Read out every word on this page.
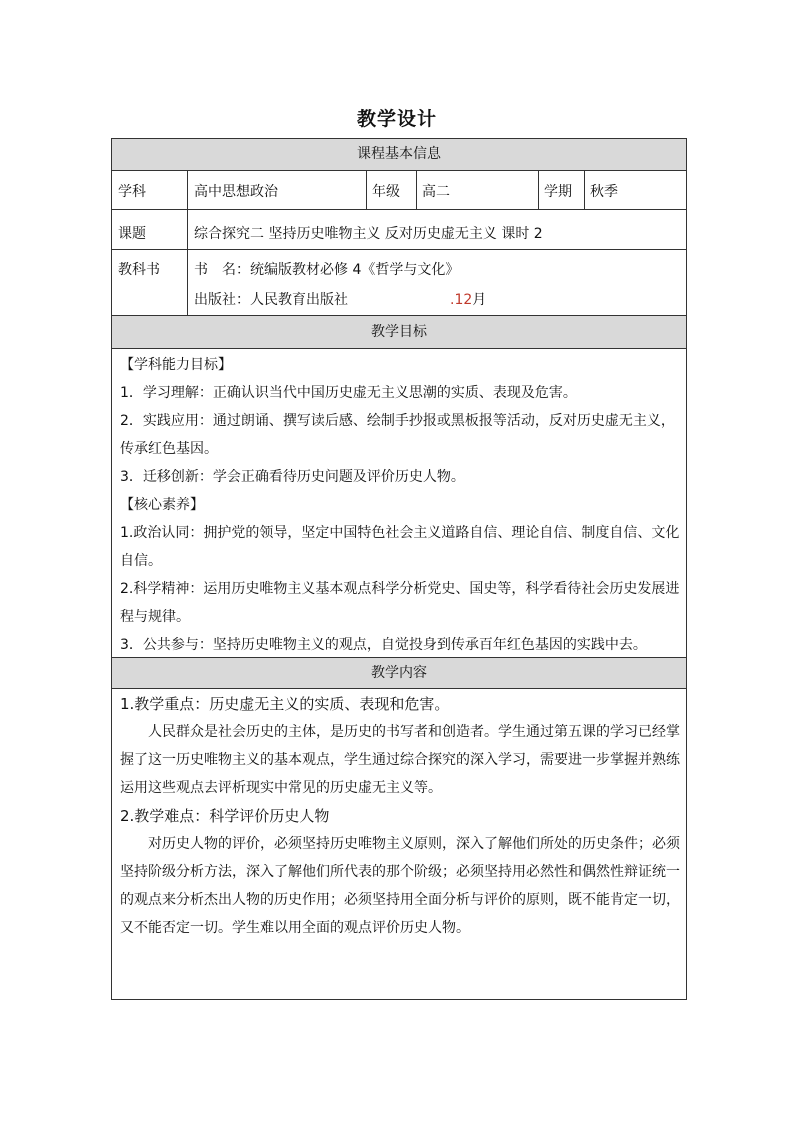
教学设计
课程基本信息
学科	高中思想政治	年级 高二	学期 秋季
课题	综合探究二 坚持历史唯物主义 反对历史虚无主义 课时 2
教科书 书　名：统编版教材必修 4《哲学与文化》
出版社：人民教育出版社	.12月
教学目标
【学科能力目标】
1．学习理解：正确认识当代中国历史虚无主义思潮的实质、表现及危害。
2．实践应用：通过朗诵、撰写读后感、绘制手抄报或黑板报等活动，反对历史虚无主义，传承红色基因。
3．迁移创新：学会正确看待历史问题及评价历史人物。
【核心素养】
1.政治认同：拥护党的领导，坚定中国特色社会主义道路自信、理论自信、制度自信、文化自信。
2.科学精神：运用历史唯物主义基本观点科学分析党史、国史等，科学看待社会历史发展进程与规律。
3．公共参与：坚持历史唯物主义的观点，自觉投身到传承百年红色基因的实践中去。
教学内容
1.教学重点：历史虚无主义的实质、表现和危害。
人民群众是社会历史的主体，是历史的书写者和创造者。学生通过第五课的学习已经掌握了这一历史唯物主义的基本观点，学生通过综合探究的深入学习，需要进一步掌握并熟练运用这些观点去评析现实中常见的历史虚无主义等。
2.教学难点：科学评价历史人物
对历史人物的评价，必须坚持历史唯物主义原则，深入了解他们所处的历史条件；必须坚持阶级分析方法，深入了解他们所代表的那个阶级；必须坚持用必然性和偶然性辩证统一的观点来分析杰出人物的历史作用；必须坚持用全面分析与评价的原则，既不能肯定一切，又不能否定一切。学生难以用全面的观点评价历史人物。
